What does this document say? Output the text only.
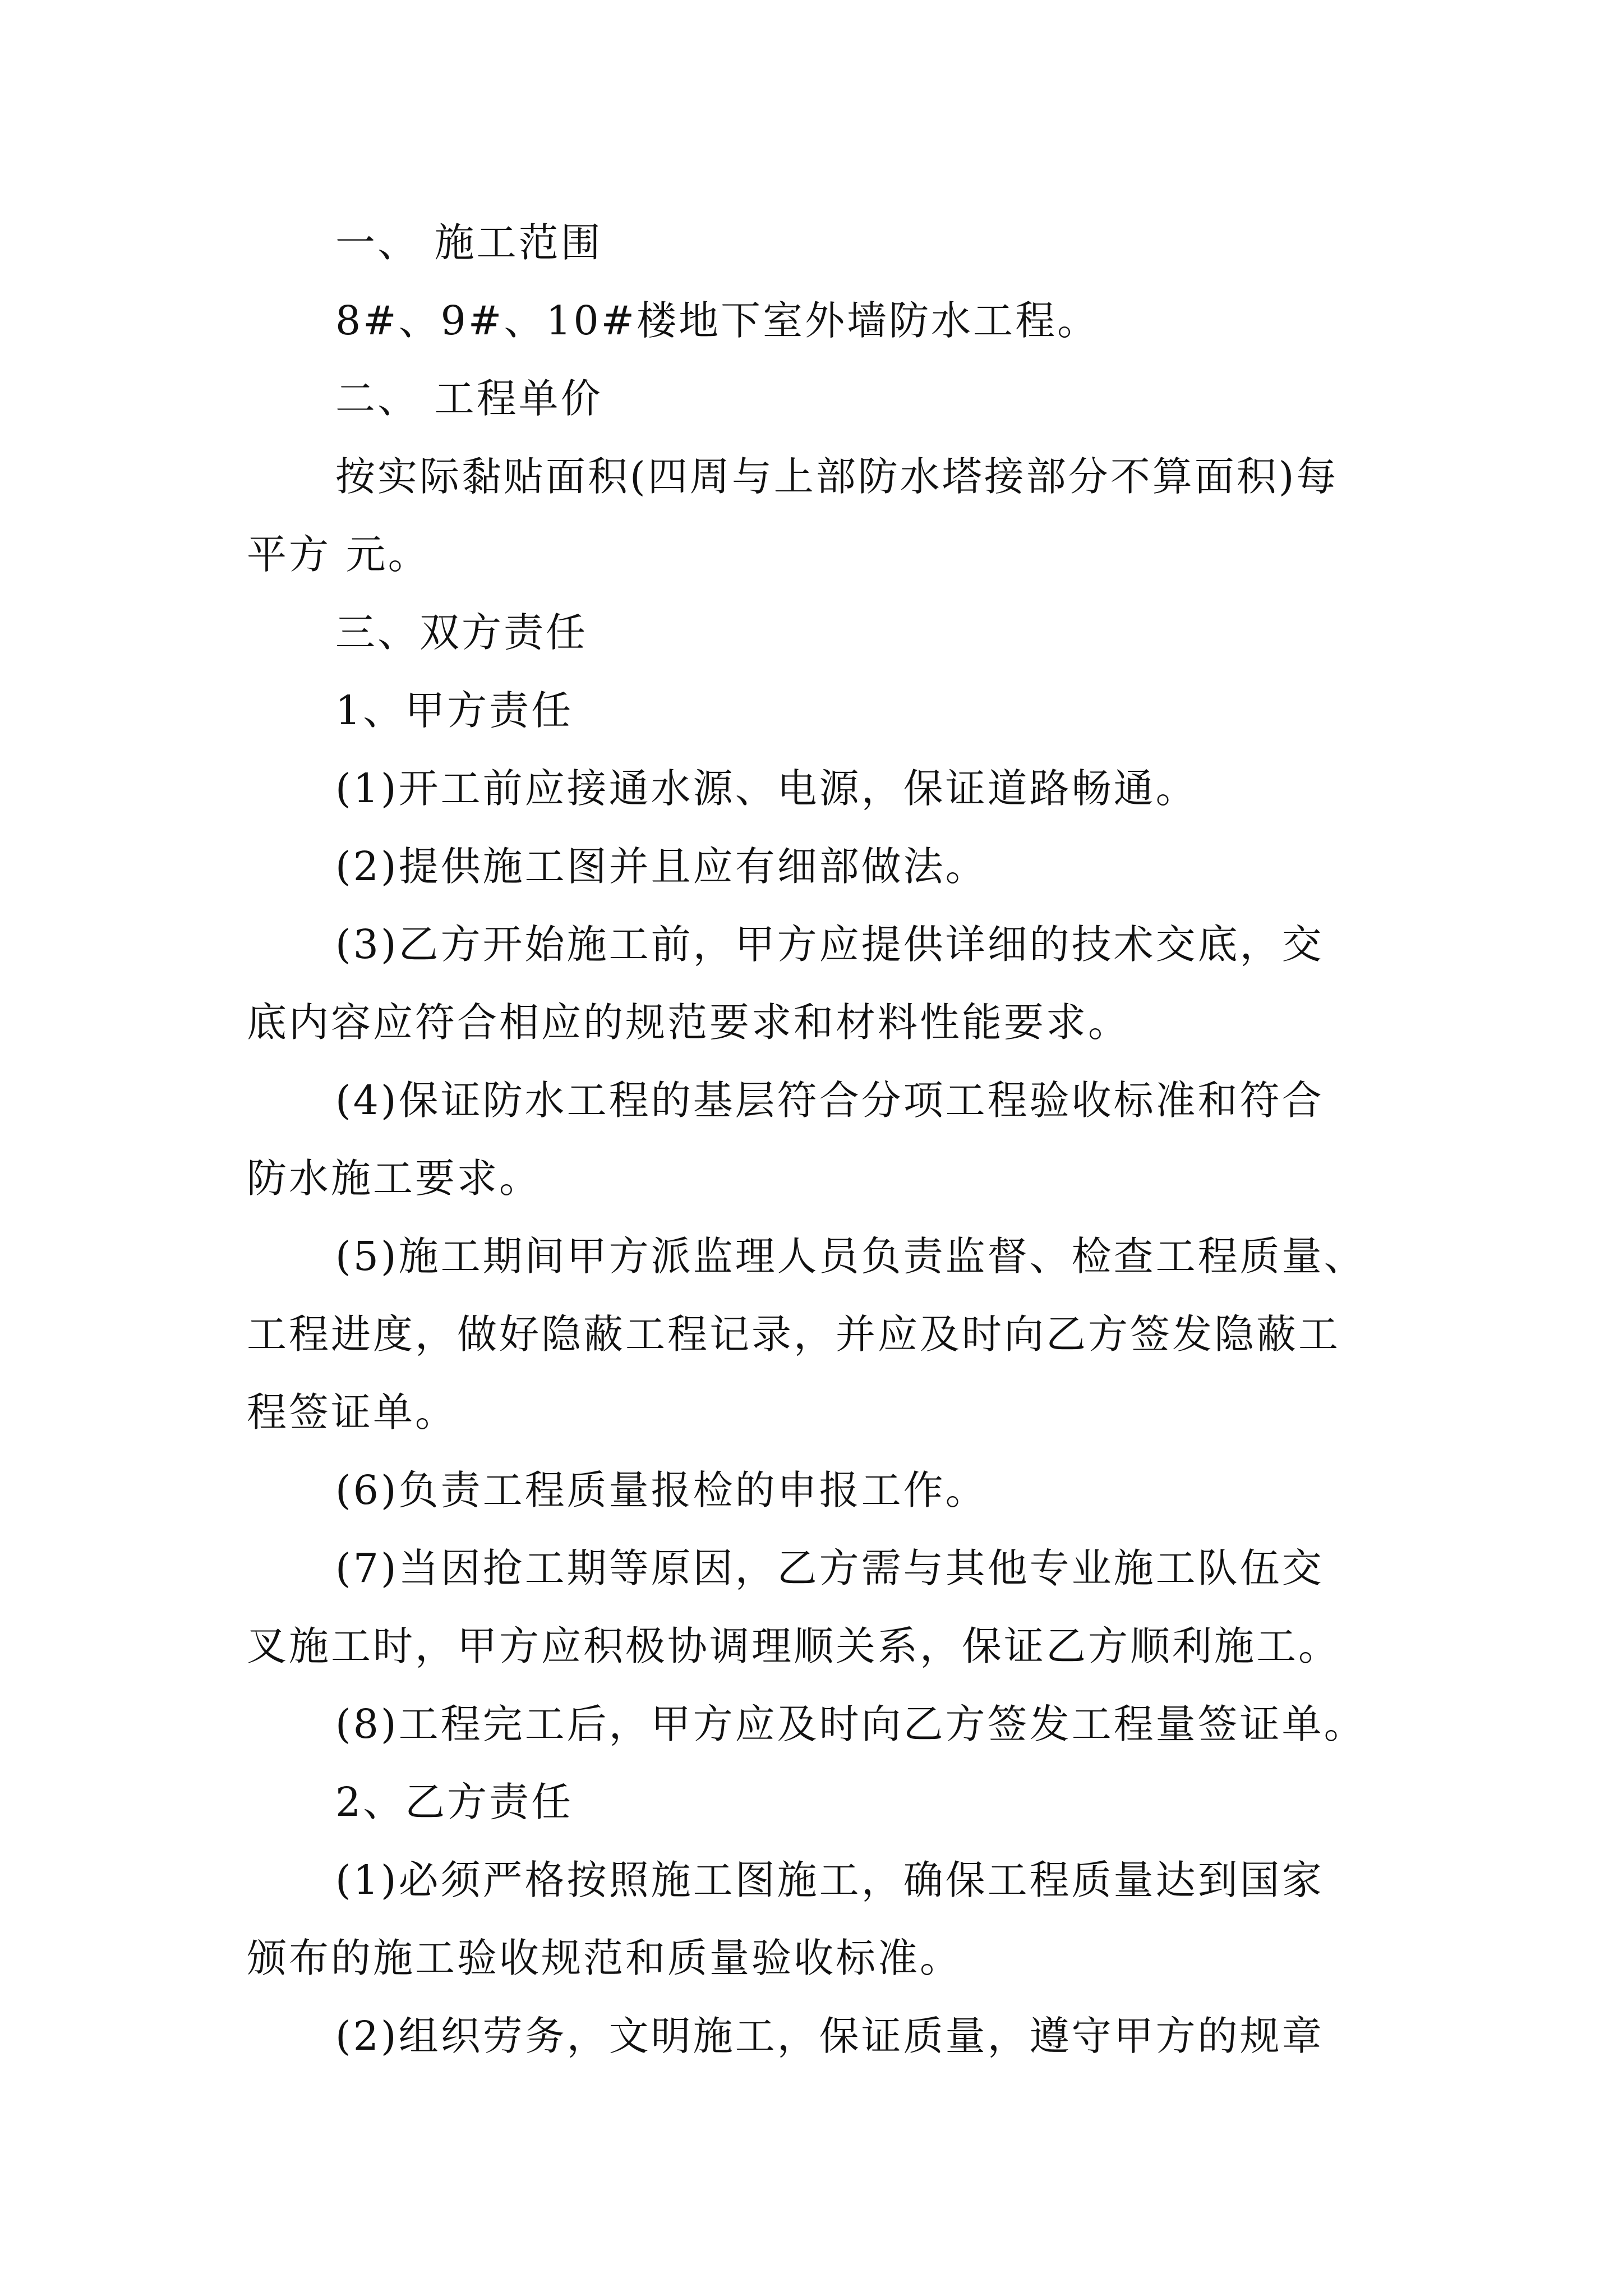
一、 施工范围
8#、9#、10#楼地下室外墙防水工程。
二、 工程单价
按实际黏贴面积(四周与上部防水塔接部分不算面积)每
平方 元。
三、双方责任
1、甲方责任
(1)开工前应接通水源、电源，保证道路畅通。
(2)提供施工图并且应有细部做法。
(3)乙方开始施工前，甲方应提供详细的技术交底，交
底内容应符合相应的规范要求和材料性能要求。
(4)保证防水工程的基层符合分项工程验收标准和符合
防水施工要求。
(5)施工期间甲方派监理人员负责监督、检查工程质量、
工程进度，做好隐蔽工程记录，并应及时向乙方签发隐蔽工
程签证单。
(6)负责工程质量报检的申报工作。
(7)当因抢工期等原因，乙方需与其他专业施工队伍交
叉施工时，甲方应积极协调理顺关系，保证乙方顺利施工。
(8)工程完工后，甲方应及时向乙方签发工程量签证单。
2、乙方责任
(1)必须严格按照施工图施工，确保工程质量达到国家
颁布的施工验收规范和质量验收标准。
(2)组织劳务，文明施工，保证质量，遵守甲方的规章
